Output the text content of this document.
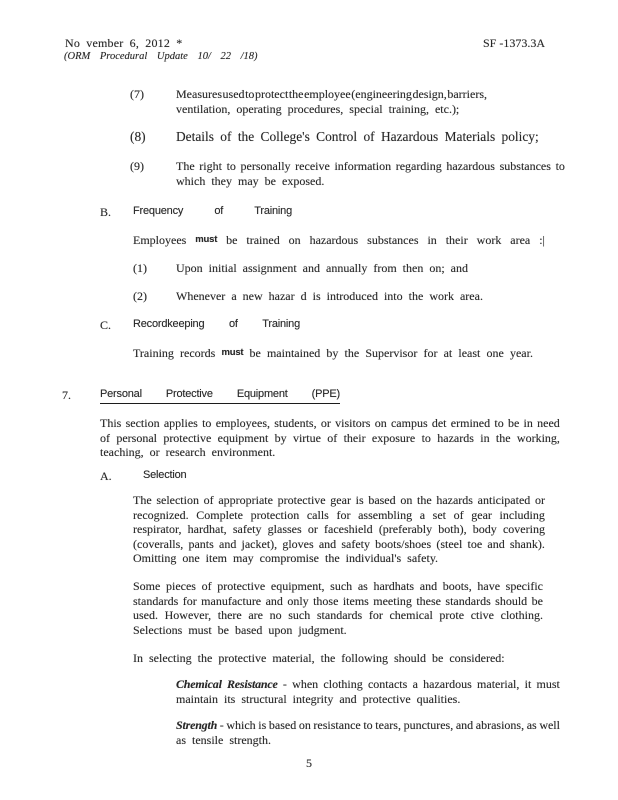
No vember 6, 2012 *	SF -1373.3A
(ORM Procedural Update 10/ 22 /18)
(7)	Measures used to protect the employee (engineering design, barriers,
ventilation, operating procedures, special training, etc.);
(8) Details of the College's Control of Hazardous Materials policy;
(9)	The right to personally receive information regarding hazardous substances to
which they may be exposed.
B. Frequency	of	Training
Employees must be trained on hazardous substances in their work area :|
(1) Upon initial assignment and annually from then on; and
(2) Whenever a new hazar d is introduced into the work area.
C. Recordkeeping of Training
Training records must be maintained by the Supervisor for at least one year.
7.	Personal Protective Equipment (PPE)
This section applies to employees, students, or visitors on campus det ermined to be in need
of personal protective equipment by virtue of their exposure to hazards in the working,
teaching, or research environment.
A.	Selection
The selection of appropriate protective gear is based on the hazards anticipated or
recognized. Complete protection calls for assembling a set of gear including
respirator, hardhat, safety glasses or faceshield (preferably both), body covering
(coveralls, pants and jacket), gloves and safety boots/shoes (steel toe and shank).
Omitting one item may compromise the individual's safety.
Some pieces of protective equipment, such as hardhats and boots, have specific
standards for manufacture and only those items meeting these standards should be
used. However, there are no such standards for chemical prote ctive clothing.
Selections must be based upon judgment.
In selecting the protective material, the following should be considered:
Chemical Resistance - when clothing contacts a hazardous material, it must
maintain its structural integrity and protective qualities.
Strength - which is based on resistance to tears, punctures, and abrasions, as well
as tensile strength.
5
